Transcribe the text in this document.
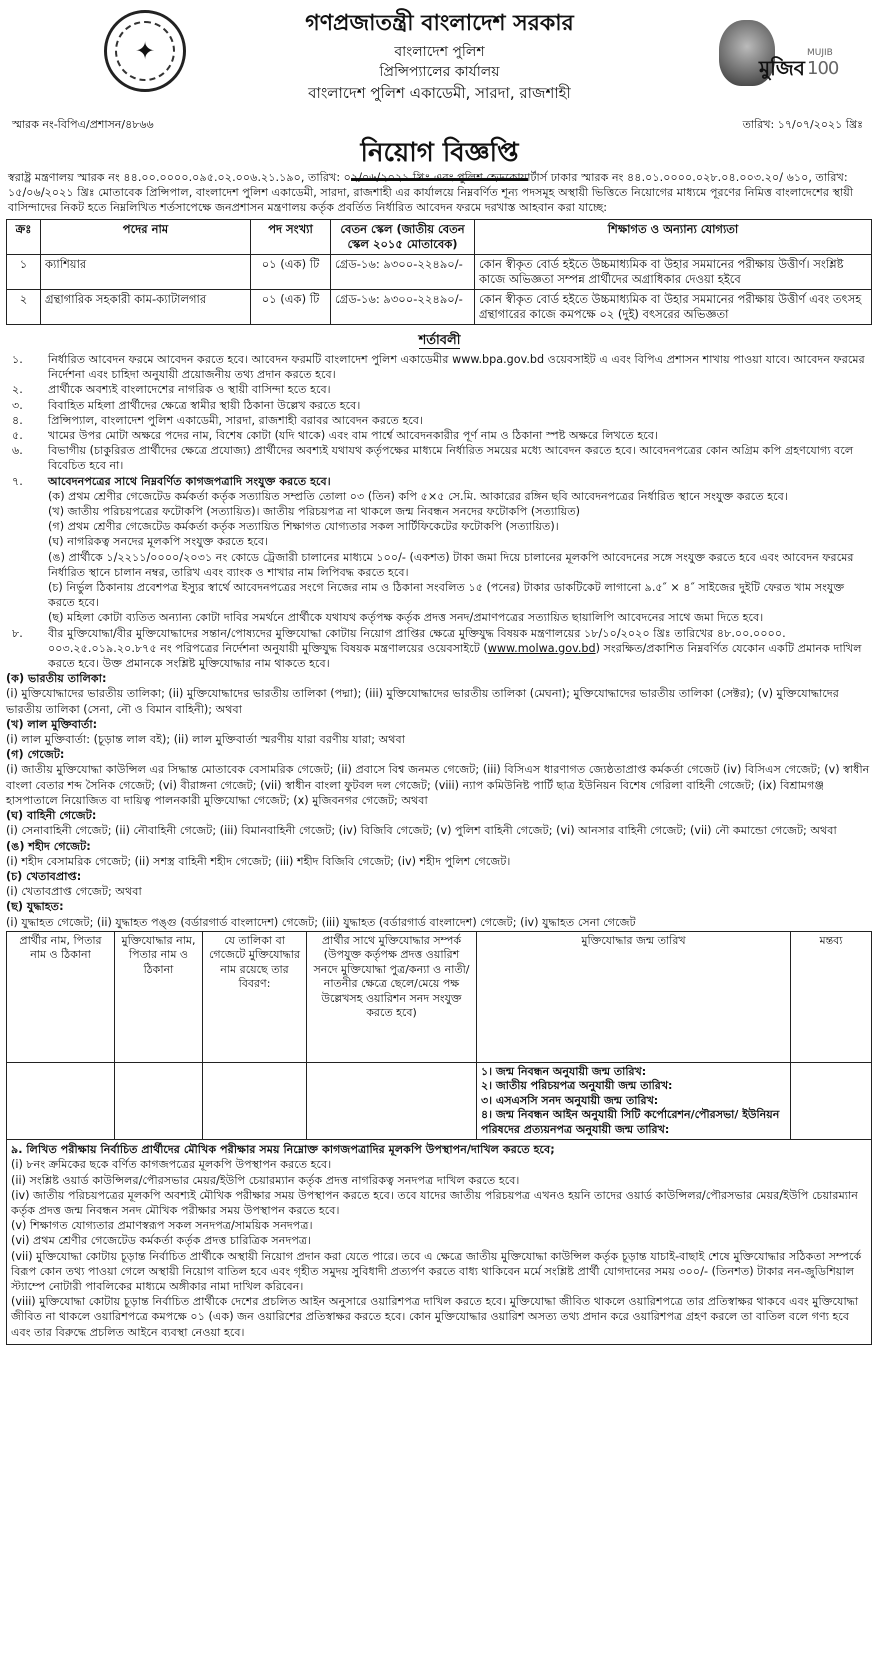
✦
গণপ্রজাতন্ত্রী বাংলাদেশ সরকার
বাংলাদেশ পুলিশ
প্রিন্সিপ্যালের কার্যালয়
বাংলাদেশ পুলিশ একাডেমী, সারদা, রাজশাহী
স্মারক নং-বিপিএ/প্রশাসন/৪৮৬৬	তারিখ: ১৭/০৭/২০২১ খ্রিঃ
মুজিব
MUJIB
100
নিয়োগ বিজ্ঞপ্তি
স্বরাষ্ট্র মন্ত্রণালয় স্মারক নং ৪৪.০০.০০০০.০৯৫.০২.০০৬.২১.১৯০, তারিখ: ০২/০৬/২০২১ খ্রিঃ এবং পুলিশ হেডকোয়ার্টার্স ঢাকার স্মারক নং ৪৪.০১.০০০০.০২৮.০৪.০০৩.২০/ ৬১০, তারিখ: ১৫/০৬/২০২১ খ্রিঃ মোতাবেক প্রিন্সিপাল, বাংলাদেশ পুলিশ একাডেমী, সারদা, রাজশাহী এর কার্যালয়ে নিম্নবর্ণিত শূন্য পদসমূহ অস্থায়ী ভিত্তিতে নিয়োগের মাধ্যমে পূরণের নিমিত্ত বাংলাদেশের স্থায়ী বাসিন্দাদের নিকট হতে নিম্নলিখিত শর্তসাপেক্ষে জনপ্রশাসন মন্ত্রণালয় কর্তৃক প্রবর্তিত নির্ধারিত আবেদন ফরমে দরখাস্ত আহবান করা যাচ্ছে:
ক্রঃ	পদের নাম	পদ সংখ্যা	বেতন স্কেল (জাতীয় বেতন স্কেল ২০১৫ মোতাবেক)	শিক্ষাগত ও অন্যান্য যোগ্যতা
১	ক্যাশিয়ার	০১ (এক) টি	গ্রেড-১৬: ৯৩০০-২২৪৯০/-	কোন স্বীকৃত বোর্ড হইতে উচ্চমাধ্যমিক বা উহার সমমানের পরীক্ষায় উত্তীর্ণ। সংশ্লিষ্ট কাজে অভিজ্ঞতা সম্পন্ন প্রার্থীদের অগ্রাধিকার দেওয়া হইবে
২	গ্রন্থাগারিক সহকারী কাম-ক্যাটালগার	০১ (এক) টি	গ্রেড-১৬: ৯৩০০-২২৪৯০/-	কোন স্বীকৃত বোর্ড হইতে উচ্চমাধ্যমিক বা উহার সমমানের পরীক্ষায় উত্তীর্ণ এবং তৎসহ গ্রন্থাগারের কাজে কমপক্ষে ০২ (দুই) বৎসরের অভিজ্ঞতা
শর্তাবলী
১.	নির্ধারিত আবেদন ফরমে আবেদন করতে হবে। আবেদন ফরমটি বাংলাদেশ পুলিশ একাডেমীর www.bpa.gov.bd ওয়েবসাইট এ এবং বিপিএ প্রশাসন শাখায় পাওয়া যাবে। আবেদন ফরমের নির্দেশনা এবং চাহিদা অনুযায়ী প্রয়োজনীয় তথ্য প্রদান করতে হবে।
২.	প্রার্থীকে অবশ্যই বাংলাদেশের নাগরিক ও স্থায়ী বাসিন্দা হতে হবে।
৩.	বিবাহিত মহিলা প্রার্থীদের ক্ষেত্রে স্বামীর স্থায়ী ঠিকানা উল্লেখ করতে হবে।
৪.	প্রিন্সিপ্যাল, বাংলাদেশ পুলিশ একাডেমী, সারদা, রাজশাহী বরাবর আবেদন করতে হবে।
৫.	খামের উপর মোটা অক্ষরে পদের নাম, বিশেষ কোটা (যদি থাকে) এবং বাম পার্শ্বে আবেদনকারীর পূর্ণ নাম ও ঠিকানা স্পষ্ট অক্ষরে লিখতে হবে।
৬.	বিভাগীয় (চাকুরিরত প্রার্থীদের ক্ষেত্রে প্রযোজ্য) প্রার্থীদের অবশ্যই যথাযথ কর্তৃপক্ষের মাধ্যমে নির্ধারিত সময়ের মধ্যে আবেদন করতে হবে। আবেদনপত্রের কোন অগ্রিম কপি গ্রহণযোগ্য বলে বিবেচিত হবে না।
৭.	আবেদনপত্রের সাথে নিম্নবর্ণিত কাগজপত্রাদি সংযুক্ত করতে হবে।
(ক) প্রথম শ্রেণীর গেজেটেড কর্মকর্তা কর্তৃক সত্যায়িত সম্প্রতি তোলা ০৩ (তিন) কপি ৫×৫ সে.মি. আকারের রঙ্গিন ছবি আবেদনপত্রের নির্ধারিত স্থানে সংযুক্ত করতে হবে।
(খ) জাতীয় পরিচয়পত্রের ফটোকপি (সত্যায়িত)। জাতীয় পরিচয়পত্র না থাকলে জন্ম নিবন্ধন সনদের ফটোকপি (সত্যায়িত)
(গ) প্রথম শ্রেণীর গেজেটেড কর্মকর্তা কর্তৃক সত্যায়িত শিক্ষাগত যোগ্যতার সকল সার্টিফিকেটের ফটোকপি (সত্যায়িত)।
(ঘ) নাগরিকত্ব সনদের মূলকপি সংযুক্ত করতে হবে।
(ঙ) প্রার্থীকে ১/২২১১/০০০০/২০৩১ নং কোডে ট্রেজারী চালানের মাধ্যমে ১০০/- (একশত) টাকা জমা দিয়ে চালানের মূলকপি আবেদনের সঙ্গে সংযুক্ত করতে হবে এবং আবেদন ফরমের নির্ধারিত স্থানে চালান নম্বর, তারিখ এবং ব্যাংক ও শাখার নাম লিপিবদ্ধ করতে হবে।
(চ) নির্ভুল ঠিকানায় প্রবেশপত্র ইস্যুর স্বার্থে আবেদনপত্রের সংগে নিজের নাম ও ঠিকানা সংবলিত ১৫ (পনের) টাকার ডাকটিকেট লাগানো ৯.৫″ × ৪″ সাইজের দুইটি ফেরত খাম সংযুক্ত করতে হবে।
(ছ) মহিলা কোটা ব্যতিত অন্যান্য কোটা দাবির সমর্থনে প্রার্থীকে যথাযথ কর্তৃপক্ষ কর্তৃক প্রদত্ত সনদ/প্রমাণপত্রের সত্যায়িত ছায়ালিপি আবেদনের সাথে জমা দিতে হবে।
৮.	বীর মুক্তিযোদ্ধা/বীর মুক্তিযোদ্ধাদের সন্তান/পোষ্যদের মুক্তিযোদ্ধা কোটায় নিয়োগ প্রাপ্তির ক্ষেত্রে মুক্তিযুদ্ধ বিষয়ক মন্ত্রণালয়ের ১৮/১০/২০২০ খ্রিঃ তারিখের ৪৮.০০.০০০০. ০০৩.২৫.০১৯.২০.৮৭৫ নং পরিপত্রের নির্দেশনা অনুযায়ী মুক্তিযুদ্ধ বিষয়ক মন্ত্রণালয়ের ওয়েবসাইটে (www.molwa.gov.bd) সংরক্ষিত/প্রকাশিত নিম্নবর্ণিত যেকোন একটি প্রমানক দাখিল করতে হবে। উক্ত প্রমানকে সংশ্লিষ্ট মুক্তিযোদ্ধার নাম থাকতে হবে।
(ক) ভারতীয় তালিকা:
(i) মুক্তিযোদ্ধাদের ভারতীয় তালিকা; (ii) মুক্তিযোদ্ধাদের ভারতীয় তালিকা (পদ্মা); (iii) মুক্তিযোদ্ধাদের ভারতীয় তালিকা (মেঘনা); মুক্তিযোদ্ধাদের ভারতীয় তালিকা (সেক্টর); (v) মুক্তিযোদ্ধাদের ভারতীয় তালিকা (সেনা, নৌ ও বিমান বাহিনী); অথবা
(খ) লাল মুক্তিবার্তা:
(i) লাল মুক্তিবার্তা: (চূড়ান্ত লাল বই); (ii) লাল মুক্তিবার্তা স্মরণীয় যারা বরণীয় যারা; অথবা
(গ) গেজেট:
(i) জাতীয় মুক্তিযোদ্ধা কাউন্সিল এর সিদ্ধান্ত মোতাবেক বেসামরিক গেজেট; (ii) প্রবাসে বিশ্ব জনমত গেজেট; (iii) বিসিএস ধারণাগত জ্যেষ্ঠতাপ্রাপ্ত কর্মকর্তা গেজেট (iv) বিসিএস গেজেট; (v) স্বাধীন বাংলা বেতার শব্দ সৈনিক গেজেট; (vi) বীরাঙ্গনা গেজেট; (vii) স্বাধীন বাংলা ফুটবল দল গেজেট; (viii) ন্যাপ কমিউনিষ্ট পার্টি ছাত্র ইউনিয়ন বিশেষ গেরিলা বাহিনী গেজেট; (ix) বিশ্রামগঞ্জ হাসপাতালে নিয়োজিত বা দায়িত্ব পালনকারী মুক্তিযোদ্ধা গেজেট; (x) মুজিবনগর গেজেট; অথবা
(ঘ) বাহিনী গেজেট:
(i) সেনাবাহিনী গেজেট; (ii) নৌবাহিনী গেজেট; (iii) বিমানবাহিনী গেজেট; (iv) বিজিবি গেজেট; (v) পুলিশ বাহিনী গেজেট; (vi) আনসার বাহিনী গেজেট; (vii) নৌ কমান্ডো গেজেট; অথবা
(ঙ) শহীদ গেজেট:
(i) শহীদ বেসামরিক গেজেট; (ii) সশস্ত্র বাহিনী শহীদ গেজেট; (iii) শহীদ বিজিবি গেজেট; (iv) শহীদ পুলিশ গেজেট।
(চ) খেতাবপ্রাপ্ত:
(i) খেতাবপ্রাপ্ত গেজেট; অথবা
(ছ) যুদ্ধাহত:
(i) যুদ্ধাহত গেজেট; (ii) যুদ্ধাহত পঙ্গু (বর্ডারগার্ড বাংলাদেশ) গেজেট; (iii) যুদ্ধাহত (বর্ডারগার্ড বাংলাদেশ) গেজেট; (iv) যুদ্ধাহত সেনা গেজেট
প্রার্থীর নাম, পিতার নাম ও ঠিকানা	মুক্তিযোদ্ধার নাম, পিতার নাম ও ঠিকানা	যে তালিকা বা গেজেটে মুক্তিযোদ্ধার নাম রয়েছে তার বিবরণ:	প্রার্থীর সাথে মুক্তিযোদ্ধার সম্পর্ক (উপযুক্ত কর্তৃপক্ষ প্রদত্ত ওয়ারিশ সনদে মুক্তিযোদ্ধা পুত্র/কন্যা ও নাতী/নাতনীর ক্ষেত্রে ছেলে/মেয়ে পক্ষ উল্লেখসহ ওয়ারিশন সনদ সংযুক্ত করতে হবে)	মুক্তিযোদ্ধার জন্ম তারিখ	মন্তব্য

				১। জন্ম নিবন্ধন অনুযায়ী জন্ম তারিখ:
২। জাতীয় পরিচয়পত্র অনুযায়ী জন্ম তারিখ:
৩। এসএসসি সনদ অনুযায়ী জন্ম তারিখ:
৪। জন্ম নিবন্ধন আইন অনুযায়ী সিটি কর্পোরেশন/পৌরসভা/ ইউনিয়ন পরিষদের প্রত্যয়নপত্র অনুযায়ী জন্ম তারিখ:	

৯. লিখিত পরীক্ষায় নির্বাচিত প্রার্থীদের মৌখিক পরীক্ষার সময় নিম্নোক্ত কাগজপত্রাদির মূলকপি উপস্থাপন/দাখিল করতে হবে;
(i) ৮নং ক্রমিকের ছকে বর্ণিত কাগজপত্রের মূলকপি উপস্থাপন করতে হবে।
(ii) সংশ্লিষ্ট ওয়ার্ড কাউন্সিলর/পৌরসভার মেয়র/ইউপি চেয়ারম্যান কর্তৃক প্রদত্ত নাগরিকত্ব সনদপত্র দাখিল করতে হবে।
(iv) জাতীয় পরিচয়পত্রের মূলকপি অবশ্যই মৌখিক পরীক্ষার সময় উপস্থাপন করতে হবে। তবে যাদের জাতীয় পরিচয়পত্র এখনও হয়নি তাদের ওয়ার্ড কাউন্সিলর/পৌরসভার মেয়র/ইউপি চেয়ারম্যান কর্তৃক প্রদত্ত জন্ম নিবন্ধন সনদ মৌখিক পরীক্ষার সময় উপস্থাপন করতে হবে।
(v) শিক্ষাগত যোগ্যতার প্রমাণস্বরূপ সকল সনদপত্র/সাময়িক সনদপত্র।
(vi) প্রথম শ্রেণীর গেজেটেড কর্মকর্তা কর্তৃক প্রদত্ত চারিত্রিক সনদপত্র।
(vii) মুক্তিযোদ্ধা কোটায় চূড়ান্ত নির্বাচিত প্রার্থীকে অস্থায়ী নিয়োগ প্রদান করা যেতে পারে। তবে এ ক্ষেত্রে জাতীয় মুক্তিযোদ্ধা কাউন্সিল কর্তৃক চূড়ান্ত যাচাই-বাছাই শেষে মুক্তিযোদ্ধার সঠিকতা সম্পর্কে বিরূপ কোন তথ্য পাওয়া গেলে অস্থায়ী নিয়োগ বাতিল হবে এবং গৃহীত সমুদয় সুবিধাদী প্রত্যর্পণ করতে বাধ্য থাকিবেন মর্মে সংশ্লিষ্ট প্রার্থী যোগদানের সময় ৩০০/- (তিনশত) টাকার নন-জুডিশিয়াল স্ট্যাম্পে নোটারী পাবলিকের মাধ্যমে অঙ্গীকার নামা দাখিল করিবেন।
(viii) মুক্তিযোদ্ধা কোটায় চূড়ান্ত নির্বাচিত প্রার্থীকে দেশের প্রচলিত আইন অনুসারে ওয়ারিশপত্র দাখিল করতে হবে। মুক্তিযোদ্ধা জীবিত থাকলে ওয়ারিশপত্রে তার প্রতিস্বাক্ষর থাকবে এবং মুক্তিযোদ্ধা জীবিত না থাকলে ওয়ারিশপত্রে কমপক্ষে ০১ (এক) জন ওয়ারিশের প্রতিস্বাক্ষর করতে হবে। কোন মুক্তিযোদ্ধার ওয়ারিশ অসত্য তথ্য প্রদান করে ওয়ারিশপত্র গ্রহণ করলে তা বাতিল বলে গণ্য হবে এবং তার বিরুদ্ধে প্রচলিত আইনে ব্যবস্থা নেওয়া হবে।
